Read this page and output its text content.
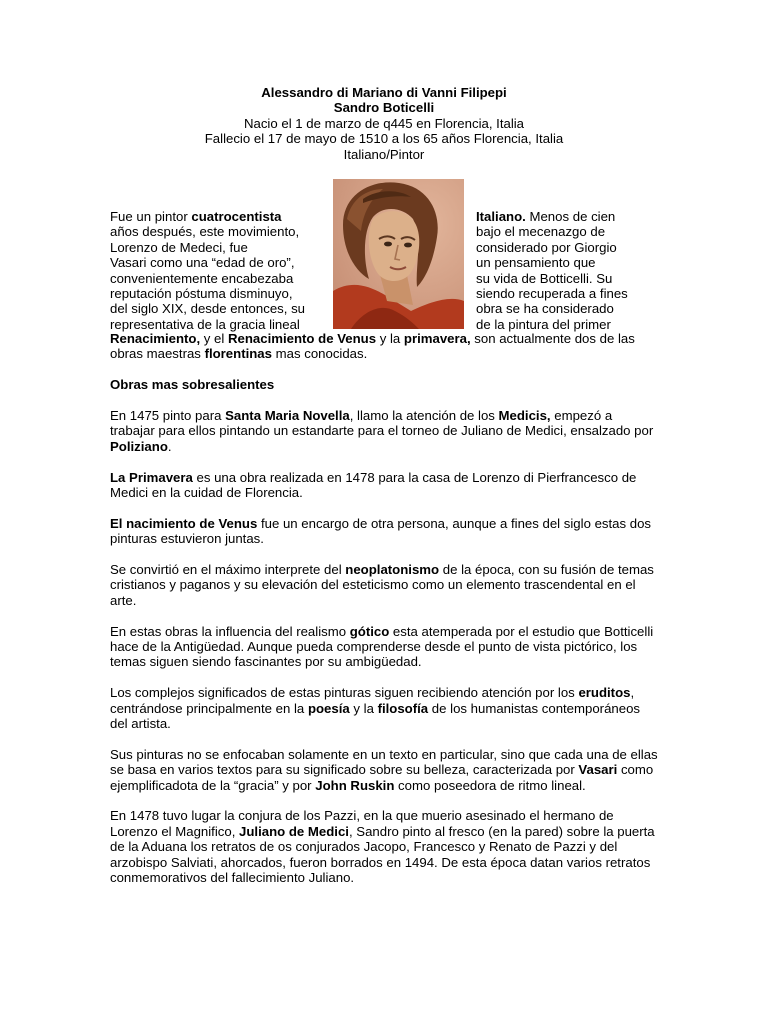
Alessandro di Mariano di Vanni Filipepi

Sandro Boticelli

Nacio el 1 de marzo de q445 en Florencia, Italia

Fallecio el 17 de mayo de 1510 a los 65 años Florencia, Italia

Italiano/Pintor

Fue un pintor cuatrocentista

años después, este movimiento,

Lorenzo de Medeci, fue

Vasari como una “edad de oro”,

convenientemente encabezaba

reputación póstuma disminuyo,

del siglo XIX, desde entonces, su

representativa de la gracia lineal

Italiano. Menos de cien

bajo el mecenazgo de

considerado por Giorgio

un pensamiento que

su vida de Botticelli. Su

siendo recuperada a fines

obra se ha considerado

de la pintura del primer

Renacimiento, y el Renacimiento de Venus y la primavera, son actualmente dos de las obras maestras florentinas mas conocidas.

Obras mas sobresalientes

En 1475 pinto para Santa Maria Novella, llamo la atención de los Medicis, empezó a trabajar para ellos pintando un estandarte para el torneo de Juliano de Medici, ensalzado por Poliziano.

La Primavera es una obra realizada en 1478 para la casa de Lorenzo di Pierfrancesco de Medici en la cuidad de Florencia.

El nacimiento de Venus fue un encargo de otra persona, aunque a fines del siglo estas dos pinturas estuvieron juntas.

Se convirtió en el máximo interprete del neoplatonismo de la época, con su fusión de temas cristianos y paganos y su elevación del esteticismo como un elemento trascendental en el arte.

En estas obras la influencia del realismo gótico esta atemperada por el estudio que Botticelli hace de la Antigüedad. Aunque pueda comprenderse desde el punto de vista pictórico, los temas siguen siendo fascinantes por su ambigüedad.

Los complejos significados de estas pinturas siguen recibiendo atención por los eruditos, centrándose principalmente en la poesía y la filosofía de los humanistas contemporáneos del artista.

Sus pinturas no se enfocaban solamente en un texto en particular, sino que cada una de ellas se basa en varios textos para su significado sobre su belleza, caracterizada por Vasari como ejemplificadota de la “gracia” y por John Ruskin como poseedora de ritmo lineal.

En 1478 tuvo lugar la conjura de los Pazzi, en la que muerio asesinado el hermano de Lorenzo el Magnifico, Juliano de Medici, Sandro pinto al fresco (en la pared) sobre la puerta de la Aduana los retratos de os conjurados Jacopo, Francesco y Renato de Pazzi y del arzobispo Salviati, ahorcados, fueron borrados en 1494. De esta época datan varios retratos conmemorativos del fallecimiento Juliano.
